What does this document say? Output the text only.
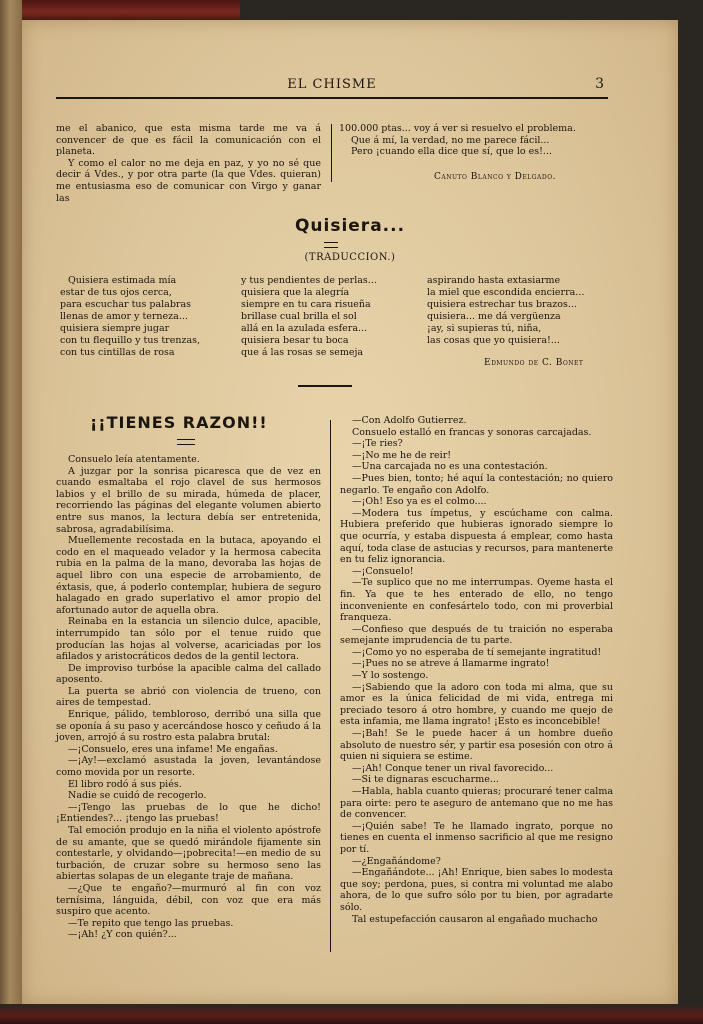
EL CHISME	3

me el abanico, que esta misma tarde me va á convencer de que es fácil la comunicación con el planeta.

Y como el calor no me deja en paz, y yo no sé que decir á Vdes., y por otra parte (la que Vdes. quieran) me entusiasma eso de comunicar con Virgo y ganar las

100.000 ptas... voy á ver si resuelvo el problema.
Que á mí, la verdad, no me parece fácil...
Pero ¡cuando ella dice que sí, que lo es!...
Canuto Blanco y Delgado.
Quisiera...
(TRADUCCION.)
Quisiera estimada mía
estar de tus ojos cerca,
para escuchar tus palabras
llenas de amor y terneza...
quisiera siempre jugar
con tu flequillo y tus trenzas,
con tus cintillas de rosa
y tus pendientes de perlas...
quisiera que la alegría
siempre en tu cara risueña
brillase cual brilla el sol
allá en la azulada esfera...
quisiera besar tu boca
que á las rosas se semeja
aspirando hasta extasiarme
la miel que escondida encierra...
quisiera estrechar tus brazos...
quisiera... me dá vergüenza
¡ay, si supieras tú, niña,
las cosas que yo quisiera!...
Edmundo de C. Bonet
¡¡TIENES RAZON!!

Consuelo leía atentamente.

A juzgar por la sonrisa picaresca que de vez en cuando esmaltaba el rojo clavel de sus hermosos labios y el brillo de su mirada, húmeda de placer, recorriendo las páginas del elegante volumen abierto entre sus manos, la lectura debía ser entretenida, sabrosa, agradabilísima.

Muellemente recostada en la butaca, apoyando el codo en el maqueado velador y la hermosa cabecita rubia en la palma de la mano, devoraba las hojas de aquel libro con una especie de arrobamiento, de éxtasis, que, á poderlo contemplar, hubiera de seguro halagado en grado superlativo el amor propio del afortunado autor de aquella obra.

Reinaba en la estancia un silencio dulce, apacible, interrumpido tan sólo por el tenue ruido que producían las hojas al volverse, acariciadas por los afilados y aristocráticos dedos de la gentil lectora.

De improviso turbóse la apacible calma del callado aposento.

La puerta se abrió con violencia de trueno, con aires de tempestad.

Enrique, pálido, tembloroso, derribó una silla que se oponía á su paso y acercándose hosco y ceñudo á la joven, arrojó á su rostro esta palabra brutal:

—¡Consuelo, eres una infame! Me engañas.

—¡Ay!—exclamó asustada la joven, levantándose como movida por un resorte.

El libro rodó á sus piés.

Nadie se cuidó de recogerlo.

—¡Tengo las pruebas de lo que he dicho! ¡Entiendes?... ¡tengo las pruebas!

Tal emoción produjo en la niña el violento apóstrofe de su amante, que se quedó mirándole fijamente sin contestarle, y olvidando—¡pobrecita!—en medio de su turbación, de cruzar sobre su hermoso seno las abiertas solapas de un elegante traje de mañana.

—¿Que te engaño?—murmuró al fin con voz ternísima, lánguida, débil, con voz que era más suspiro que acento.

—Te repito que tengo las pruebas.

—¡Ah! ¿Y con quién?...

—Con Adolfo Gutierrez.

Consuelo estalló en francas y sonoras carcajadas.

—¡Te ries?

—¡No me he de reir!

—Una carcajada no es una contestación.

—Pues bien, tonto; hé aquí la contestación; no quiero negarlo. Te engaño con Adolfo.

—¡Oh! Eso ya es el colmo....

—Modera tus ímpetus, y escúchame con calma. Hubiera preferido que hubieras ignorado siempre lo que ocurría, y estaba dispuesta á emplear, como hasta aquí, toda clase de astucias y recursos, para mantenerte en tu feliz ignorancia.

—¡Consuelo!

—Te suplico que no me interrumpas. Oyeme hasta el fin. Ya que te hes enterado de ello, no tengo inconveniente en confesártelo todo, con mi proverbial franqueza.

—Confieso que después de tu traición no esperaba semejante imprudencia de tu parte.

—¡Como yo no esperaba de tí semejante ingratitud!

—¡Pues no se atreve á llamarme ingrato!

—Y lo sostengo.

—¡Sabiendo que la adoro con toda mi alma, que su amor es la única felicidad de mi vida, entrega mi preciado tesoro á otro hombre, y cuando me quejo de esta infamia, me llama ingrato! ¡Esto es inconcebible!

—¡Bah! Se le puede hacer á un hombre dueño absoluto de nuestro sér, y partir esa posesión con otro á quien ni siquiera se estime.

—¡Ah! Conque tener un rival favorecido...

—Si te dignaras escucharme...

—Habla, habla cuanto quieras; procuraré tener calma para oirte: pero te aseguro de antemano que no me has de convencer.

—¡Quién sabe! Te he llamado ingrato, porque no tienes en cuenta el inmenso sacrificio al que me resigno por tí.

—¿Engañándome?

—Engañándote... ¡Ah! Enrique, bien sabes lo modesta que soy; perdona, pues, si contra mi voluntad me alabo ahora, de lo que sufro sólo por tu bien, por agradarte sólo.

Tal estupefacción causaron al engañado muchacho
